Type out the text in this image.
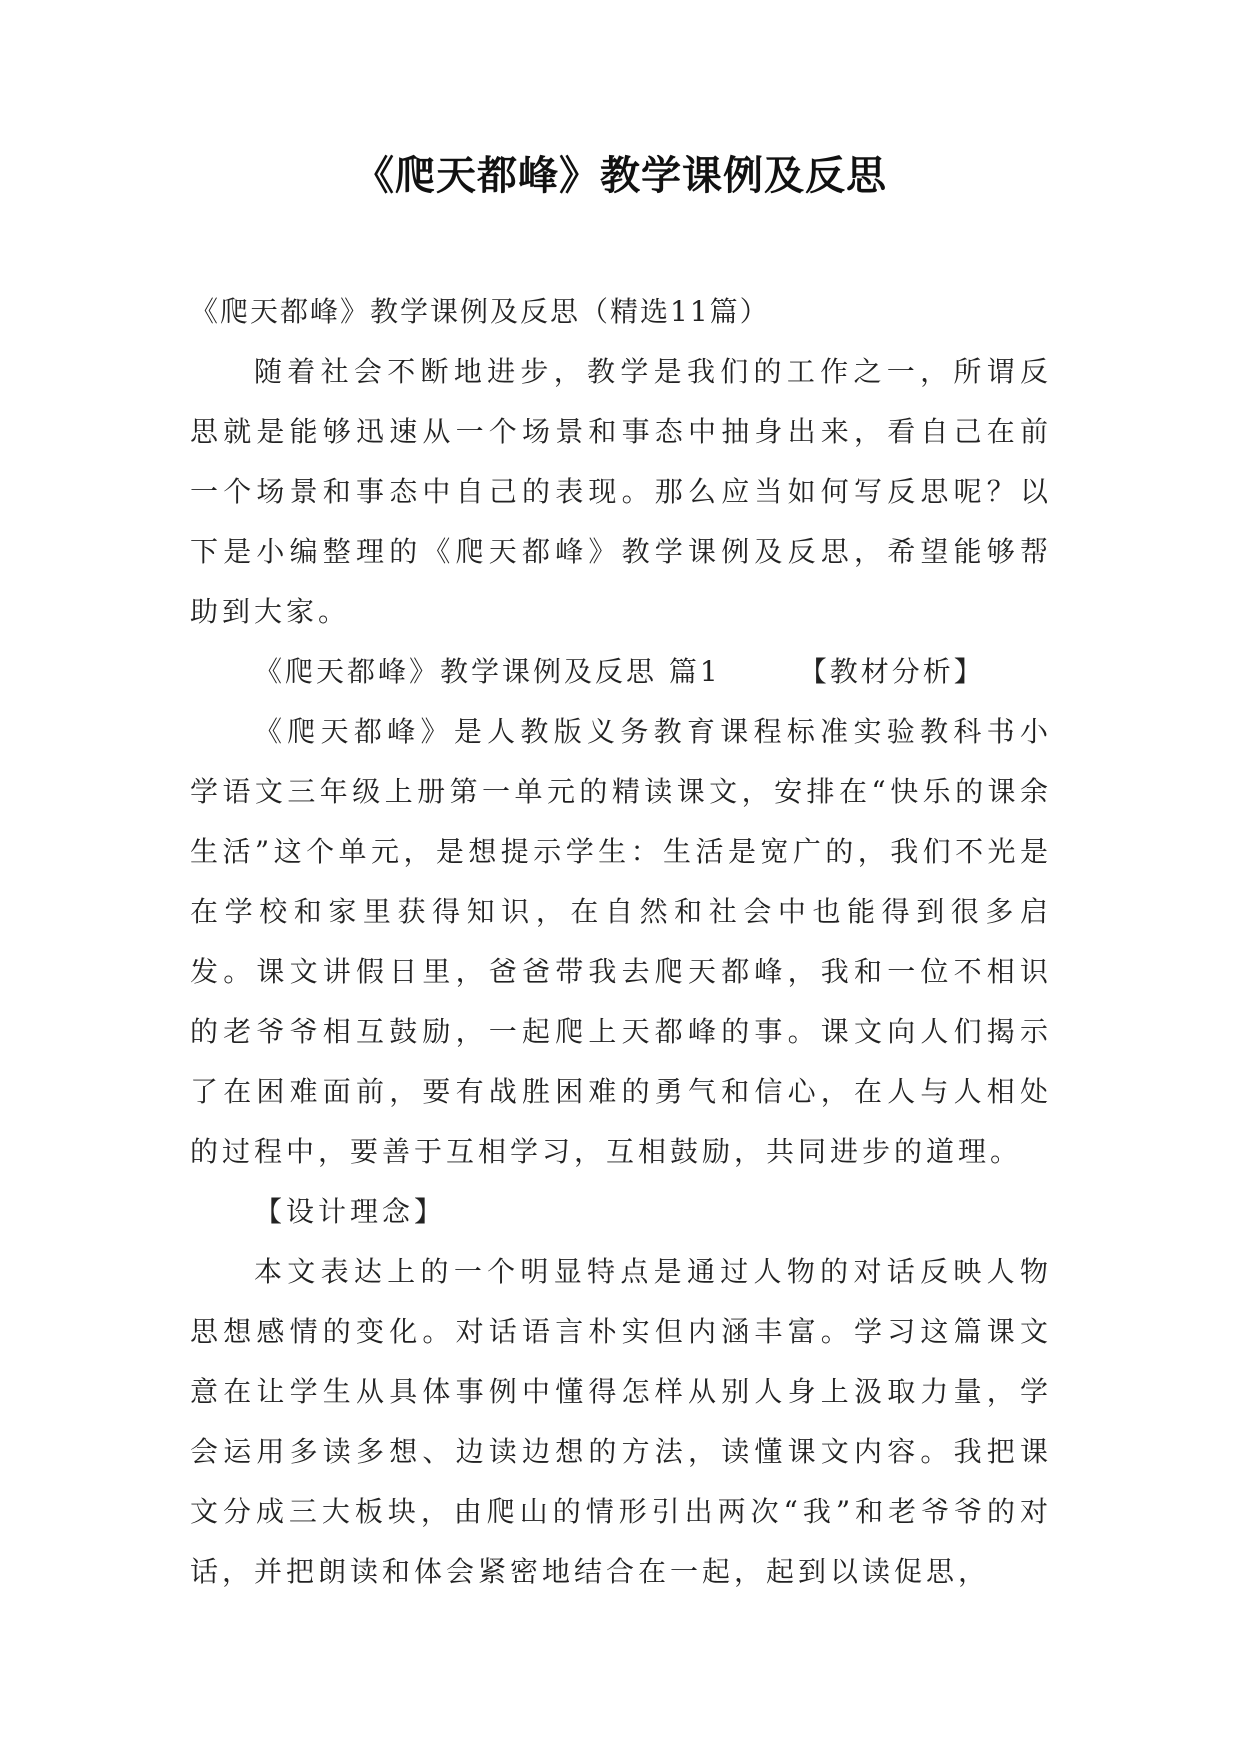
《爬天都峰》教学课例及反思

《爬天都峰》教学课例及反思（精选11篇）

随着社会不断地进步，教学是我们的工作之一，所谓反思就是能够迅速从一个场景和事态中抽身出来，看自己在前一个场景和事态中自己的表现。那么应当如何写反思呢？以下是小编整理的《爬天都峰》教学课例及反思，希望能够帮助到大家。

《爬天都峰》教学课例及反思 篇1	【教材分析】

《爬天都峰》是人教版义务教育课程标准实验教科书小学语文三年级上册第一单元的精读课文，安排在“快乐的课余生活”这个单元，是想提示学生：生活是宽广的，我们不光是在学校和家里获得知识，在自然和社会中也能得到很多启发。课文讲假日里，爸爸带我去爬天都峰，我和一位不相识的老爷爷相互鼓励，一起爬上天都峰的事。课文向人们揭示了在困难面前，要有战胜困难的勇气和信心，在人与人相处的过程中，要善于互相学习，互相鼓励，共同进步的道理。

【设计理念】

本文表达上的一个明显特点是通过人物的对话反映人物思想感情的变化。对话语言朴实但内涵丰富。学习这篇课文意在让学生从具体事例中懂得怎样从别人身上汲取力量，学会运用多读多想、边读边想的方法，读懂课文内容。我把课文分成三大板块，由爬山的情形引出两次“我”和老爷爷的对话，并把朗读和体会紧密地结合在一起，起到以读促思，
